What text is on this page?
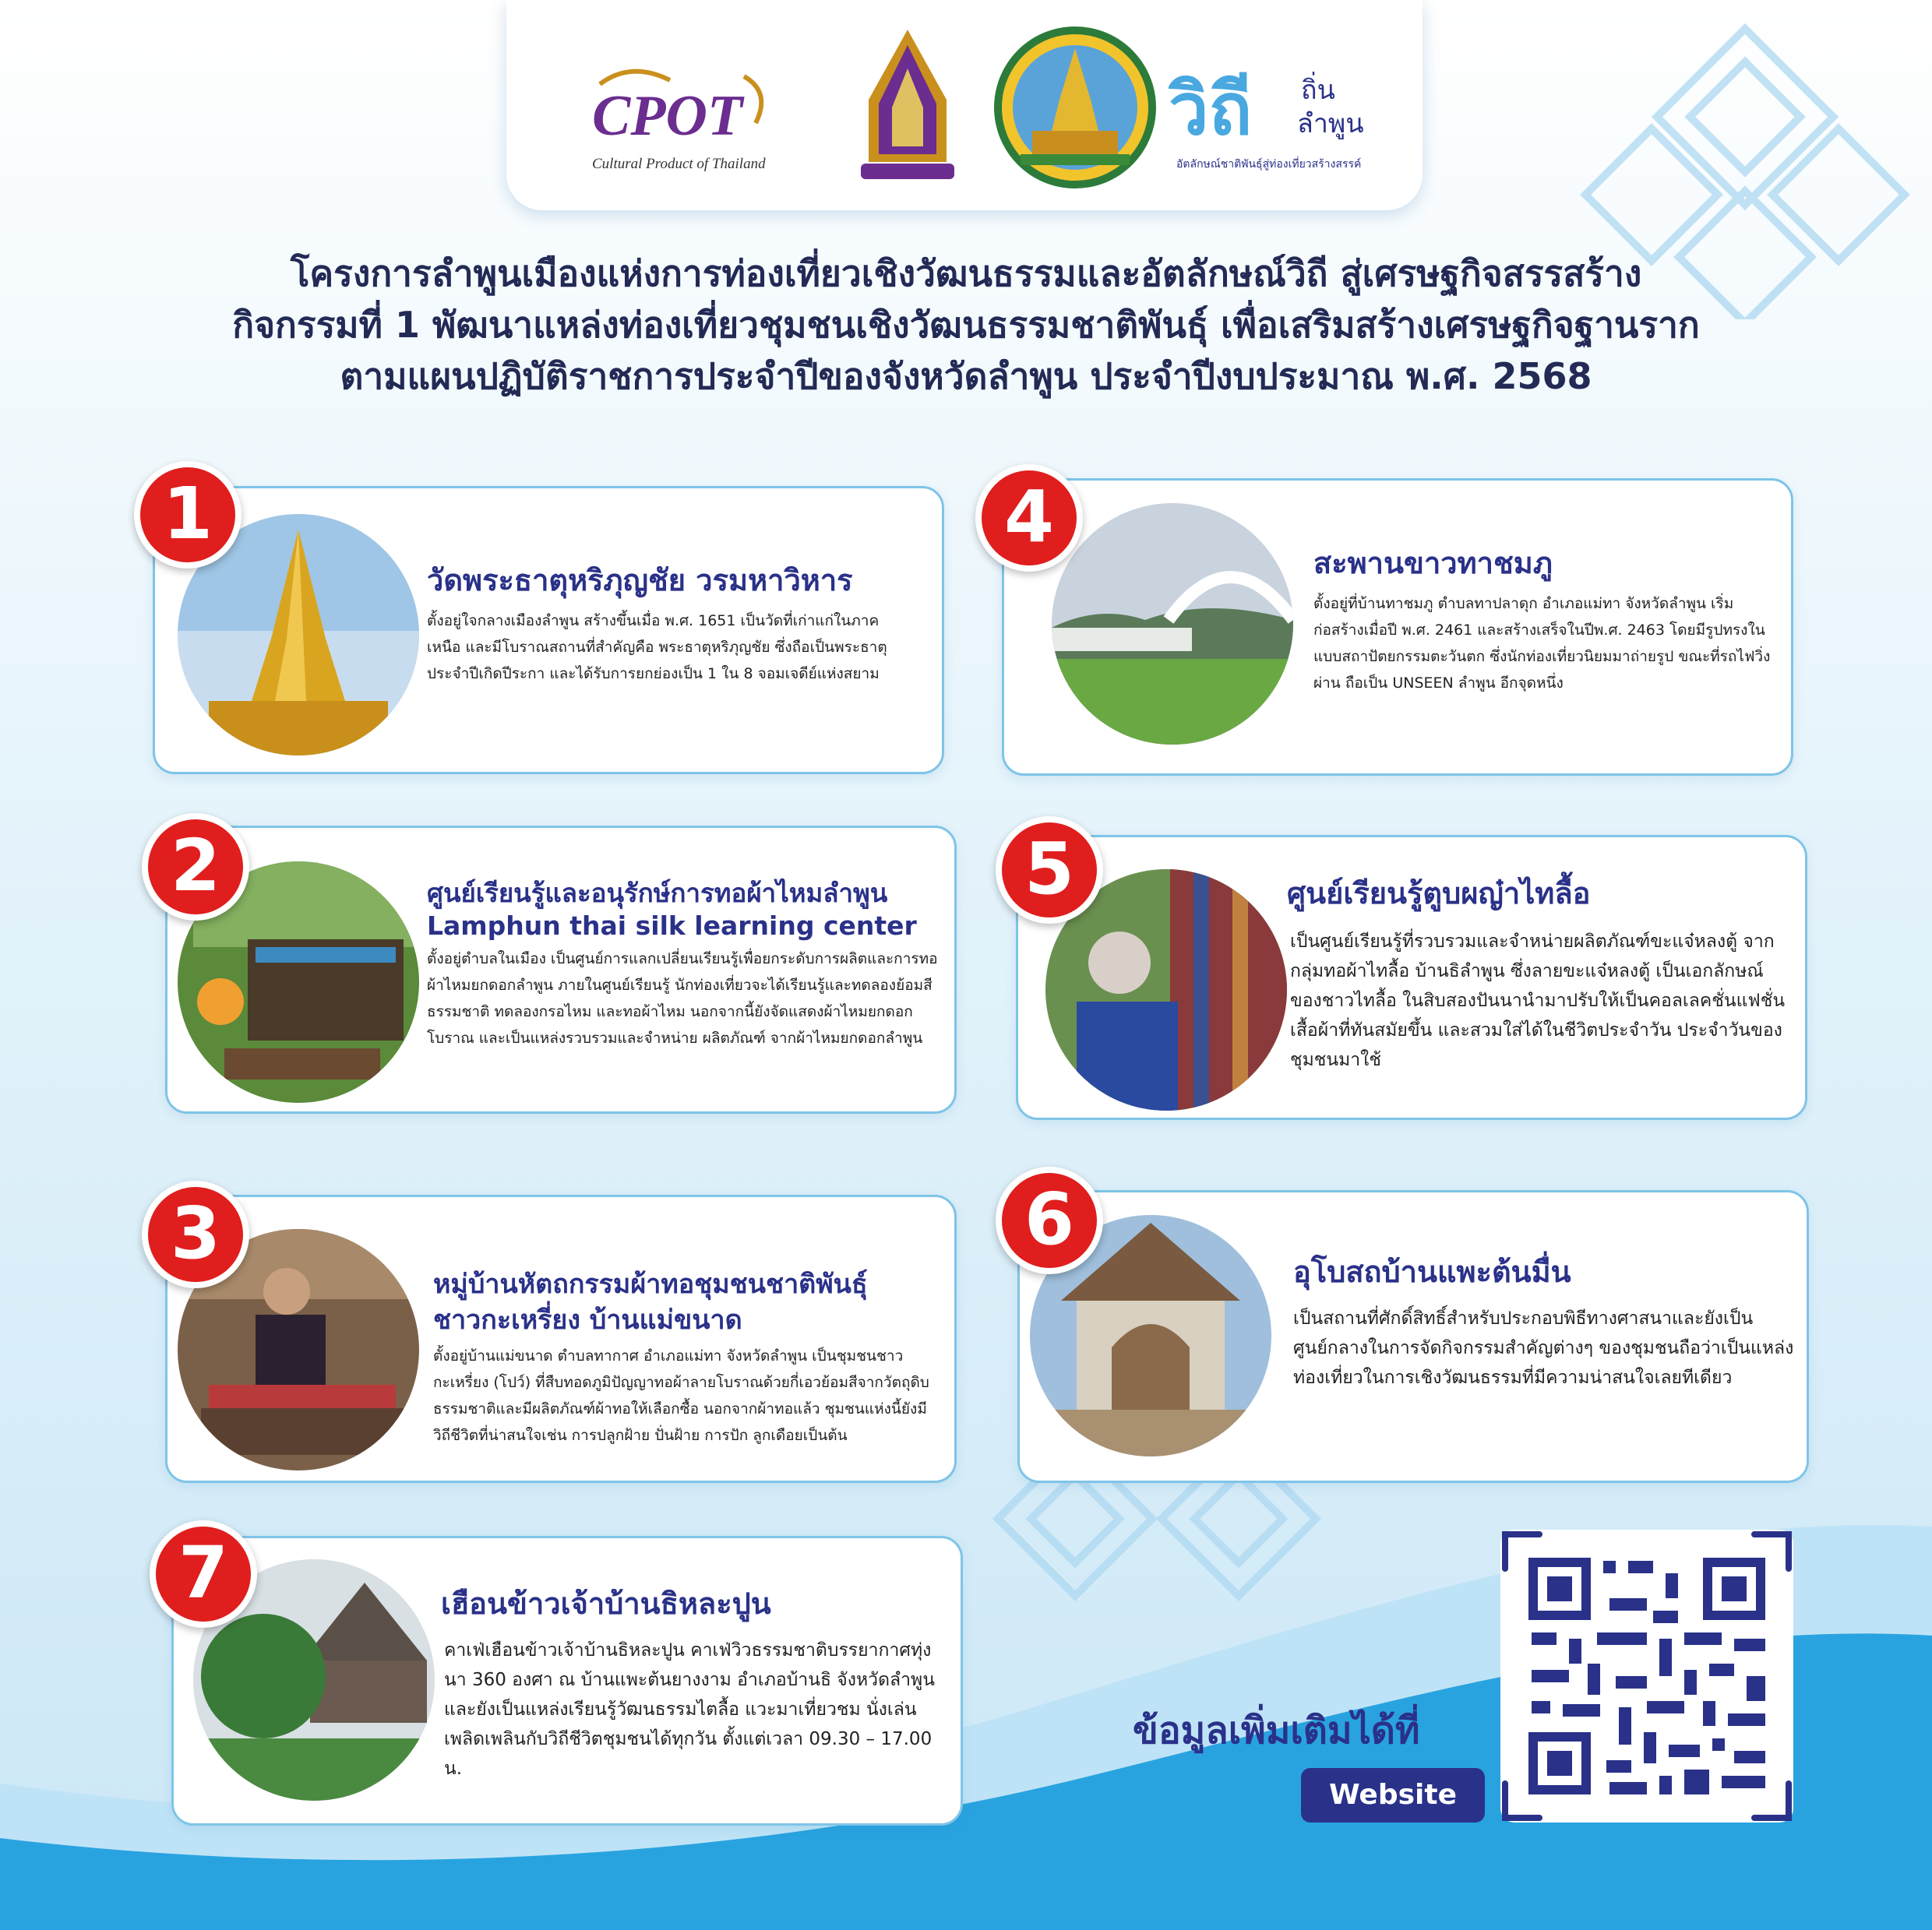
CPOT
Cultural Product of Thailand
วิถี ถิ่น
ลำพูน
อัตลักษณ์ชาติพันธุ์สู่ท่องเที่ยวสร้างสรรค์
โครงการลำพูนเมืองแห่งการท่องเที่ยวเชิงวัฒนธรรมและอัตลักษณ์วิถี สู่เศรษฐกิจสรรสร้าง
กิจกรรมที่ 1 พัฒนาแหล่งท่องเที่ยวชุมชนเชิงวัฒนธรรมชาติพันธุ์ เพื่อเสริมสร้างเศรษฐกิจฐานราก
ตามแผนปฏิบัติราชการประจำปีของจังหวัดลำพูน ประจำปีงบประมาณ พ.ศ. 2568
1
วัดพระธาตุหริภุญชัย วรมหาวิหาร
ตั้งอยู่ใจกลางเมืองลำพูน สร้างขึ้นเมื่อ พ.ศ. 1651 เป็นวัดที่เก่าแก่ในภาคเหนือ และมีโบราณสถานที่สำคัญคือ พระธาตุหริภุญชัย ซึ่งถือเป็นพระธาตุประจำปีเกิดปีระกา และได้รับการยกย่องเป็น 1 ใน 8 จอมเจดีย์แห่งสยาม
2	ศูนย์เรียนรู้และอนุรักษ์การทอผ้าไหมลำพูน
Lamphun thai silk learning center
ตั้งอยู่ตำบลในเมือง เป็นศูนย์การแลกเปลี่ยนเรียนรู้เพื่อยกระดับการผลิตและการทอผ้าไหมยกดอกลำพูน ภายในศูนย์เรียนรู้ นักท่องเที่ยวจะได้เรียนรู้และทดลองย้อมสีธรรมชาติ ทดลองกรอไหม และทอผ้าไหม นอกจากนี้ยังจัดแสดงผ้าไหมยกดอกโบราณ และเป็นแหล่งรวบรวมและจำหน่าย ผลิตภัณฑ์ จากผ้าไหมยกดอกลำพูน
3
หมู่บ้านหัตถกรรมผ้าทอชุมชนชาติพันธุ์
ชาวกะเหรี่ยง บ้านแม่ขนาด
ตั้งอยู่บ้านแม่ขนาด ตำบลทากาศ อำเภอแม่ทา จังหวัดลำพูน เป็นชุมชนชาวกะเหรี่ยง (โปว์) ที่สืบทอดภูมิปัญญาทอผ้าลายโบราณด้วยกี่เอวย้อมสีจากวัตถุดิบธรรมชาติและมีผลิตภัณฑ์ผ้าทอให้เลือกซื้อ นอกจากผ้าทอแล้ว ชุมชนแห่งนี้ยังมีวิถีชีวิตที่น่าสนใจเช่น การปลูกฝ้าย ปั่นฝ้าย การปัก ลูกเดือยเป็นต้น
4
สะพานขาวทาชมภู
ตั้งอยู่ที่บ้านทาชมภู ตำบลทาปลาดุก อำเภอแม่ทา จังหวัดลำพูน เริ่มก่อสร้างเมื่อปี พ.ศ. 2461 และสร้างเสร็จในปีพ.ศ. 2463 โดยมีรูปทรงในแบบสถาปัตยกรรมตะวันตก ซึ่งนักท่องเที่ยวนิยมมาถ่ายรูป ขณะที่รถไฟวิ่งผ่าน ถือเป็น UNSEEN ลำพูน อีกจุดหนึ่ง
5	ศูนย์เรียนรู้ตูบผญ๋าไทลื้อ
เป็นศูนย์เรียนรู้ที่รวบรวมและจำหน่ายผลิตภัณฑ์ขะแจ๋หลงตู้ จากกลุ่มทอผ้าไทลื้อ บ้านธิลำพูน ซึ่งลายขะแจ๋หลงตู้ เป็นเอกลักษณ์ของชาวไทลื้อ ในสิบสองปันนานำมาปรับให้เป็นคอลเลคชั่นแฟชั่นเสื้อผ้าที่ทันสมัยขึ้น และสวมใส่ได้ในชีวิตประจำวัน ประจำวันของชุมชนมาใช้
6
อุโบสถบ้านแพะต้นมื่น
เป็นสถานที่ศักดิ์สิทธิ์สำหรับประกอบพิธีทางศาสนาและยังเป็นศูนย์กลางในการจัดกิจกรรมสำคัญต่างๆ ของชุมชนถือว่าเป็นแหล่งท่องเที่ยวในการเชิงวัฒนธรรมที่มีความน่าสนใจเลยทีเดียว
7	เฮือนข้าวเจ้าบ้านธิหละปูน
คาเฟ่เฮือนข้าวเจ้าบ้านธิหละปูน คาเฟ่วิวธรรมชาติบรรยากาศทุ่งนา 360 องศา ณ บ้านแพะต้นยางงาม อำเภอบ้านธิ จังหวัดลำพูน และยังเป็นแหล่งเรียนรู้วัฒนธรรมไตลื้อ แวะมาเที่ยวชม นั่งเล่น เพลิดเพลินกับวิถีชีวิตชุมชนได้ทุกวัน ตั้งแต่เวลา 09.30 – 17.00 น.
ข้อมูลเพิ่มเติมได้ที่
Website
